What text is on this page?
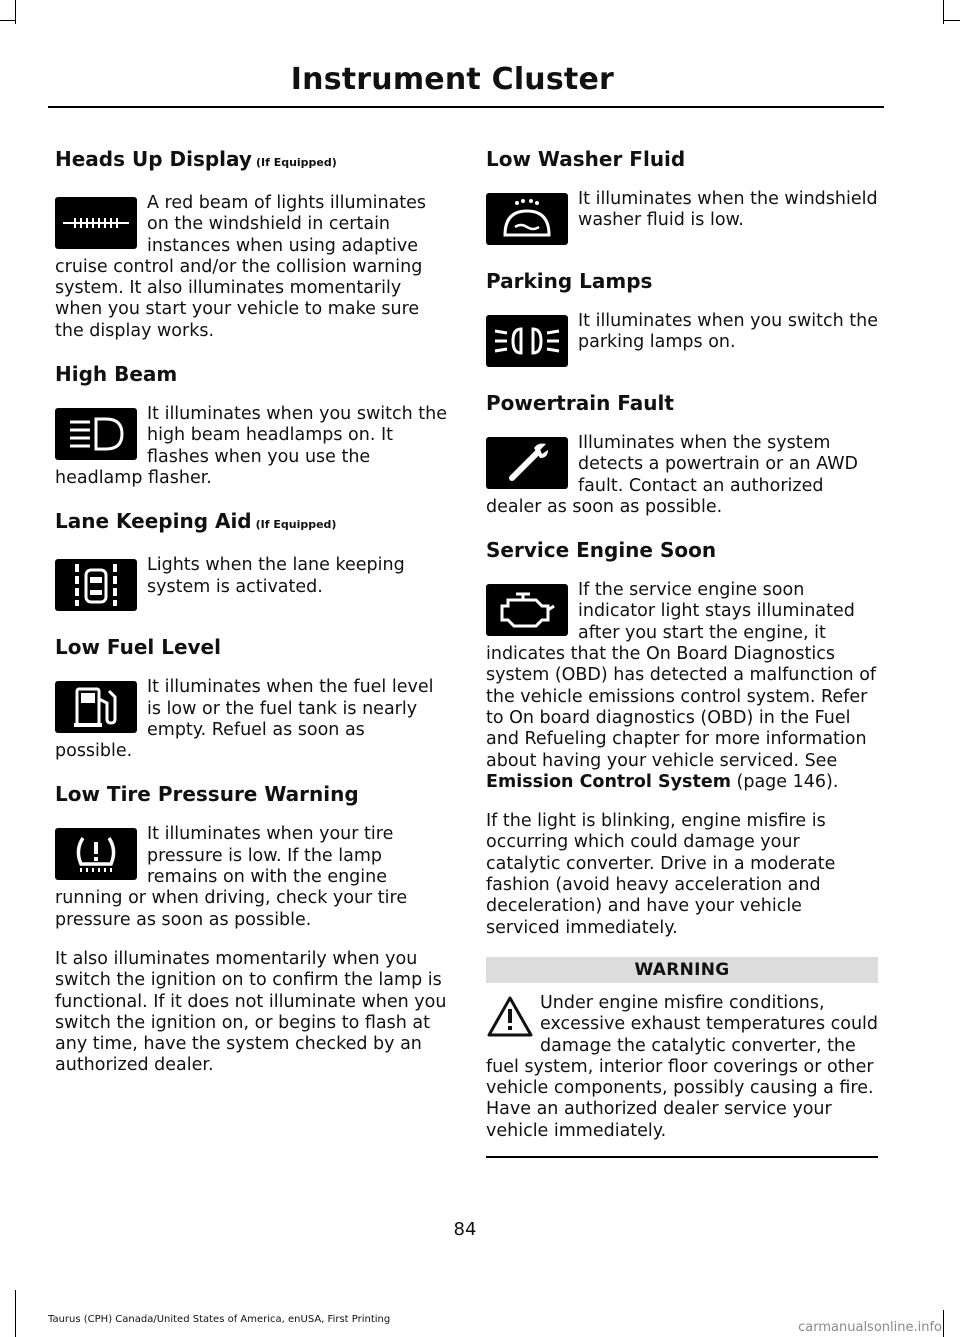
Instrument Cluster
Heads Up Display (If Equipped)

A red beam of lights illuminates on the windshield in certain instances when using adaptive cruise control and/or the collision warning system. It also illuminates momentarily when you start your vehicle to make sure the display works.

High Beam

It illuminates when you switch the high beam headlamps on. It flashes when you use the headlamp flasher.

Lane Keeping Aid (If Equipped)

Lights when the lane keeping system is activated.

Low Fuel Level

It illuminates when the fuel level is low or the fuel tank is nearly empty. Refuel as soon as possible.

Low Tire Pressure Warning

It illuminates when your tire pressure is low. If the lamp remains on with the engine running or when driving, check your tire pressure as soon as possible.

It also illuminates momentarily when you switch the ignition on to confirm the lamp is functional. If it does not illuminate when you switch the ignition on, or begins to flash at any time, have the system checked by an authorized dealer.

Low Washer Fluid

It illuminates when the windshield washer fluid is low.

Parking Lamps

It illuminates when you switch the parking lamps on.

Powertrain Fault

Illuminates when the system detects a powertrain or an AWD fault. Contact an authorized dealer as soon as possible.

Service Engine Soon

If the service engine soon indicator light stays illuminated after you start the engine, it indicates that the On Board Diagnostics system (OBD) has detected a malfunction of the vehicle emissions control system. Refer to On board diagnostics (OBD) in the Fuel and Refueling chapter for more information about having your vehicle serviced. See Emission Control System (page 146).

If the light is blinking, engine misfire is occurring which could damage your catalytic converter. Drive in a moderate fashion (avoid heavy acceleration and deceleration) and have your vehicle serviced immediately.

WARNING

Under engine misfire conditions, excessive exhaust temperatures could damage the catalytic converter, the fuel system, interior floor coverings or other vehicle components, possibly causing a fire. Have an authorized dealer service your vehicle immediately.

84
Taurus (CPH) Canada/United States of America, enUSA, First Printing
carmanualsonline.info
